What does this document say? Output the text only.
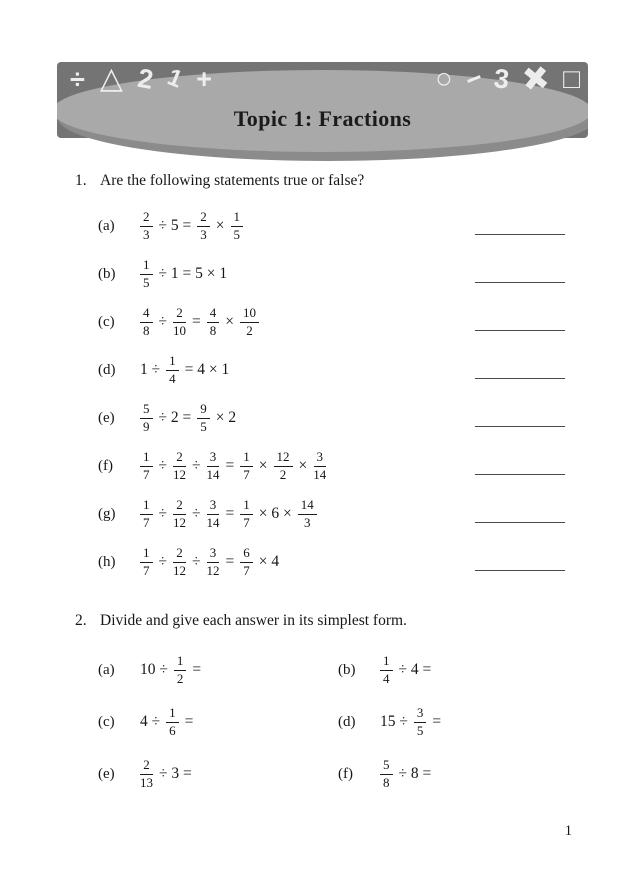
÷ △ 2 1 +	○ − 3 ✖ □
Topic 1: Fractions
1. Are the following statements true or false?
(a)	$\frac{2}{3} \div 5 = \frac{2}{3} \times \frac{1}{5}$
(b)	$\frac{1}{5} \div 1 = 5 \times 1$
(c)	$\frac{4}{8} \div \frac{2}{10} = \frac{4}{8} \times \frac{10}{2}$
(d)	$1 \div \frac{1}{4} = 4 \times 1$
(e)	$\frac{5}{9} \div 2 = \frac{9}{5} \times 2$
(f)	$\frac{1}{7} \div \frac{2}{12} \div \frac{3}{14} = \frac{1}{7} \times \frac{12}{2} \times \frac{3}{14}$
(g)	$\frac{1}{7} \div \frac{2}{12} \div \frac{3}{14} = \frac{1}{7} \times 6 \times \frac{14}{3}$
(h)	$\frac{1}{7} \div \frac{2}{12} \div \frac{3}{12} = \frac{6}{7} \times 4$
2. Divide and give each answer in its simplest form.
(a)	$10 \div \frac{1}{2}$ =	(b)	$\frac{1}{4} \div 4$ =
(c)	$4 \div \frac{1}{6}$ =	(d)	$15 \div \frac{3}{5}$ =
(e)	$\frac{2}{13} \div 3$ =	(f)	$\frac{5}{8} \div 8$ =
1
